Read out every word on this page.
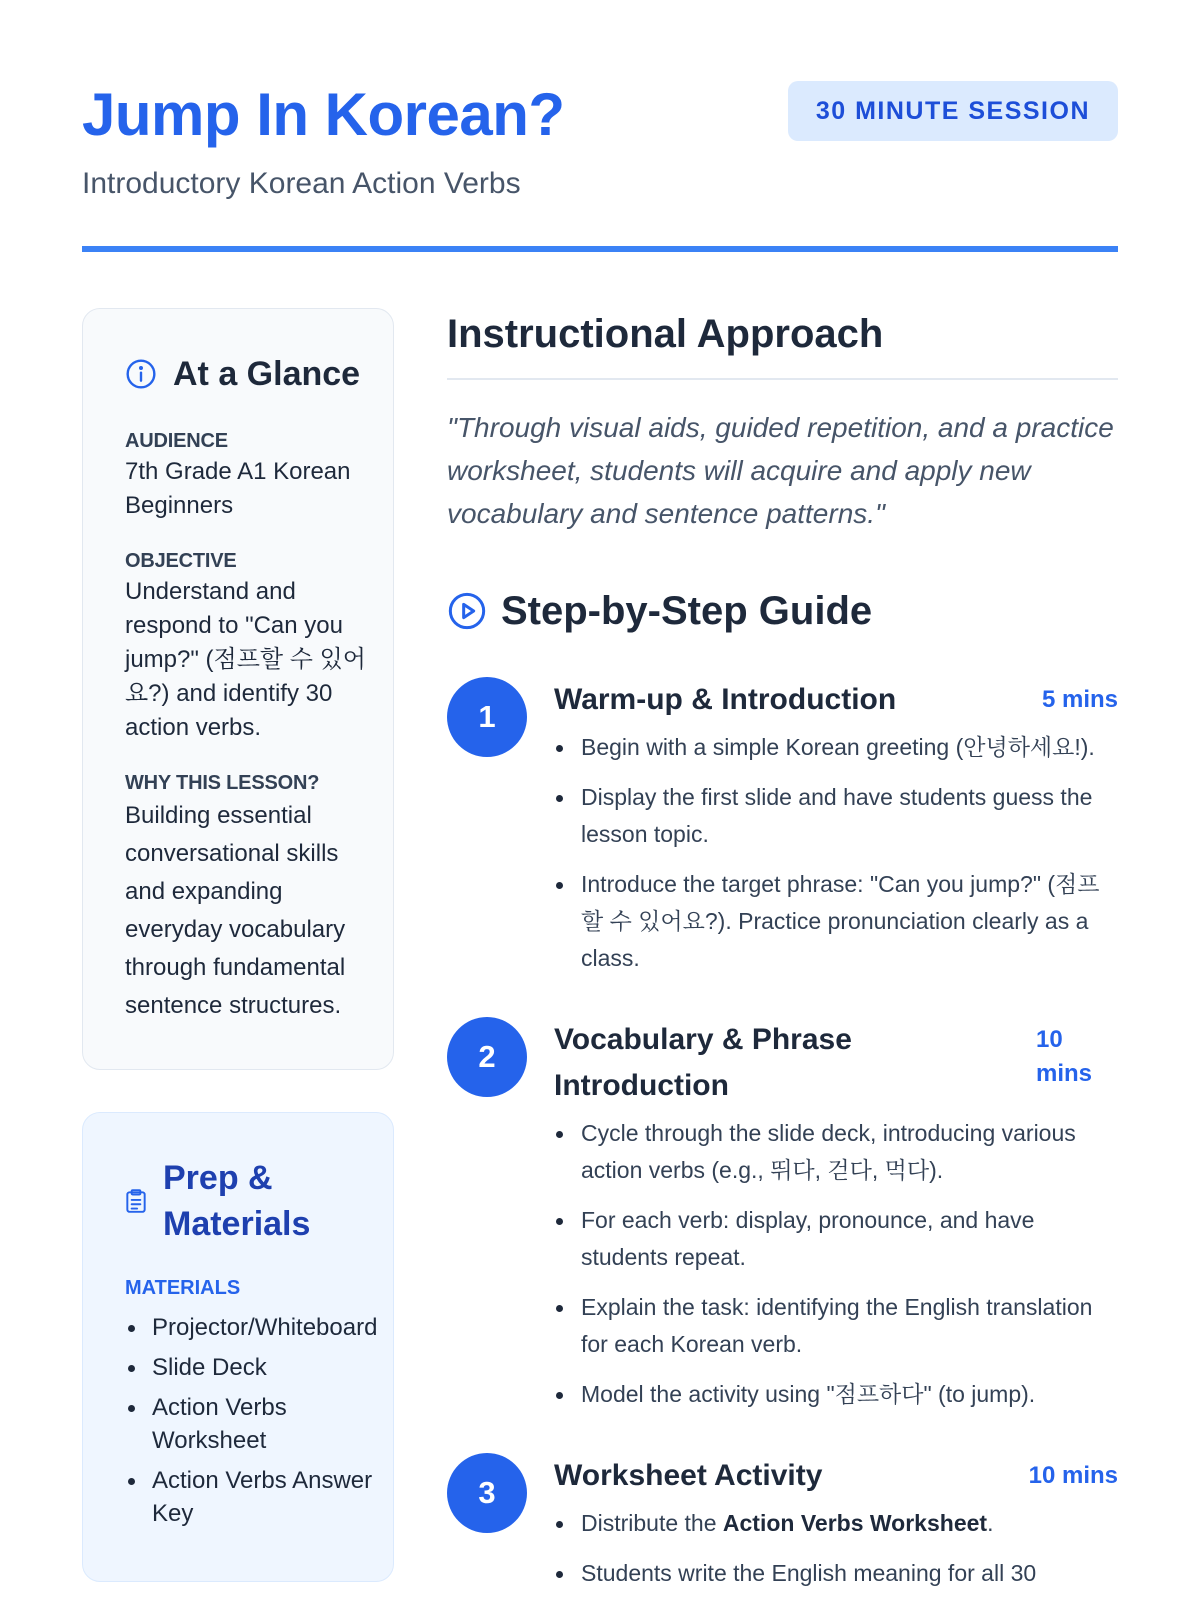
Jump In Korean?
Introductory Korean Action Verbs
30 MINUTE SESSION
At a Glance
AUDIENCE
7th Grade A1 Korean Beginners
OBJECTIVE
Understand and respond to "Can you jump?" (점프할 수 있어요?) and identify 30 action verbs.
WHY THIS LESSON?
Building essential conversational skills and expanding everyday vocabulary through fundamental sentence structures.
Prep & Materials
MATERIALS
Projector/Whiteboard
Slide Deck
Action Verbs Worksheet
Action Verbs Answer Key
Instructional Approach

"Through visual aids, guided repetition, and a practice worksheet, students will acquire and apply new vocabulary and sentence patterns."

Step-by-Step Guide
1	Warm-up & Introduction	5 mins
Begin with a simple Korean greeting (안녕하세요!).
Display the first slide and have students guess the lesson topic.
Introduce the target phrase: "Can you jump?" (점프할 수 있어요?). Practice pronunciation clearly as a class.
2	Vocabulary & Phrase Introduction
10 mins
Cycle through the slide deck, introducing various action verbs (e.g., 뛰다, 걷다, 먹다).
For each verb: display, pronounce, and have students repeat.
Explain the task: identifying the English translation for each Korean verb.
Model the activity using "점프하다" (to jump).
3	Worksheet Activity	10 mins
Distribute the Action Verbs Worksheet.
Students write the English meaning for all 30
